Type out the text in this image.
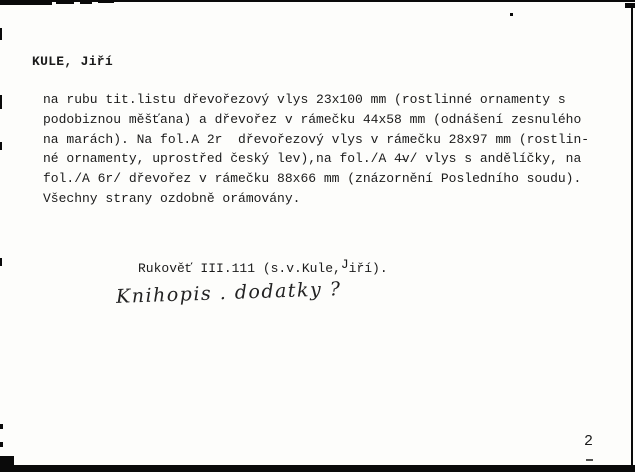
KULE, Jiří
na rubu tit.listu dřevořezový vlys 23x100 mm (rostlinné ornamenty s
podobiznou měšťana) a dřevořez v rámečku 44x58 mm (odnášení zesnulého
na marách). Na fol.A 2r  dřevořezový vlys v rámečku 28x97 mm (rostlin-
né ornamenty, uprostřed český lev),na fol./A 4̶v/ vlys s andělíčky, na
fol./A 6r/ dřevořez v rámečku 88x66 mm (znázornění Posledního soudu).
Všechny strany ozdobně orámovány.
Rukověť III.111 (s.v.Kule,Jiří).
Knihopis . dodatky ?
2
